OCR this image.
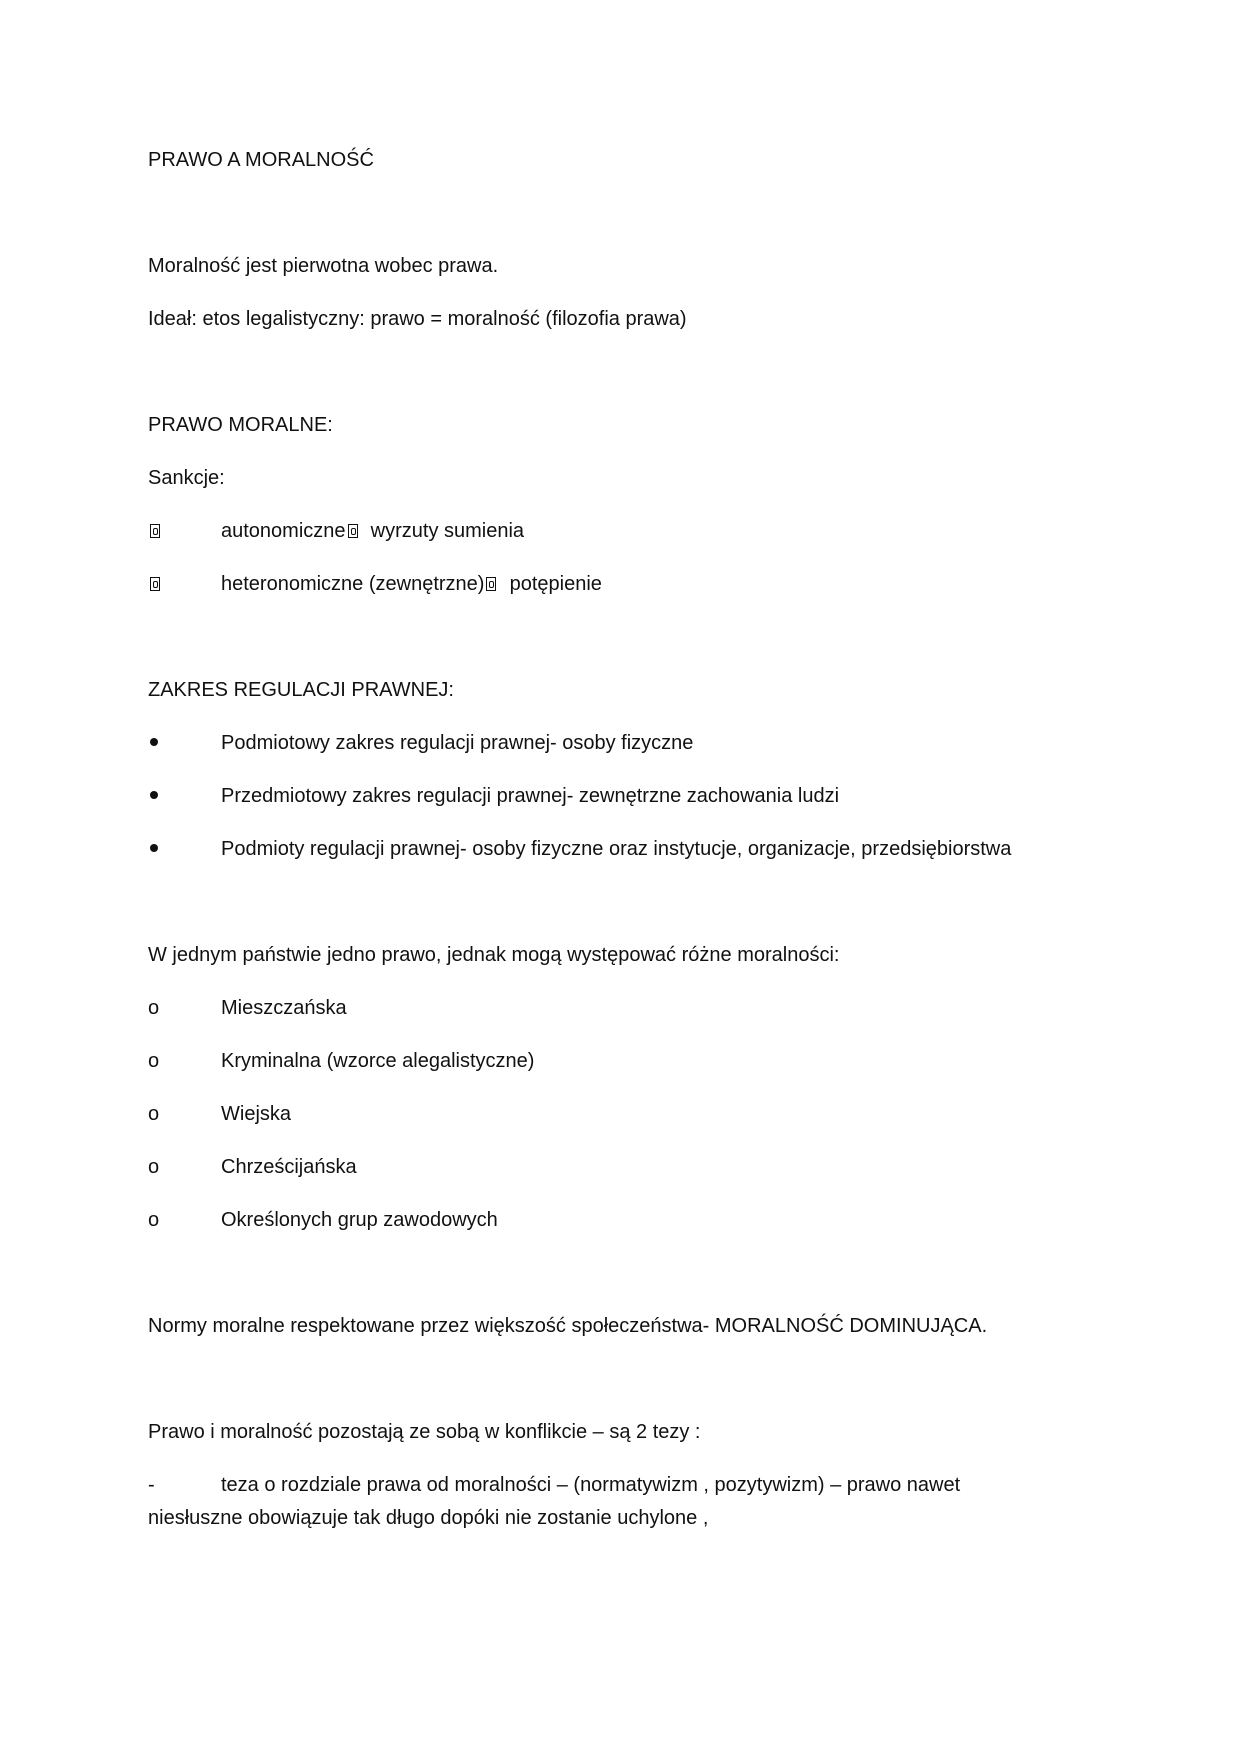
PRAWO A MORALNOŚĆ
Moralność jest pierwotna wobec prawa.
Ideał: etos legalistyczny: prawo = moralność (filozofia prawa)
PRAWO MORALNE:
Sankcje:
autonomiczne wyrzuty sumienia
heteronomiczne (zewnętrzne) potępienie
ZAKRES REGULACJI PRAWNEJ:
Podmiotowy zakres regulacji prawnej- osoby fizyczne
Przedmiotowy zakres regulacji prawnej- zewnętrzne zachowania ludzi
Podmioty regulacji prawnej- osoby fizyczne oraz instytucje, organizacje, przedsiębiorstwa
W jednym państwie jedno prawo, jednak mogą występować różne moralności:
o	Mieszczańska
o	Kryminalna (wzorce alegalistyczne)
o	Wiejska
o	Chrześcijańska
o	Określonych grup zawodowych
Normy moralne respektowane przez większość społeczeństwa- MORALNOŚĆ DOMINUJĄCA.
Prawo i moralność pozostają ze sobą w konflikcie – są 2 tezy :
-	teza o rozdziale prawa od moralności – (normatywizm , pozytywizm) – prawo nawet
niesłuszne obowiązuje tak długo dopóki nie zostanie uchylone ,
